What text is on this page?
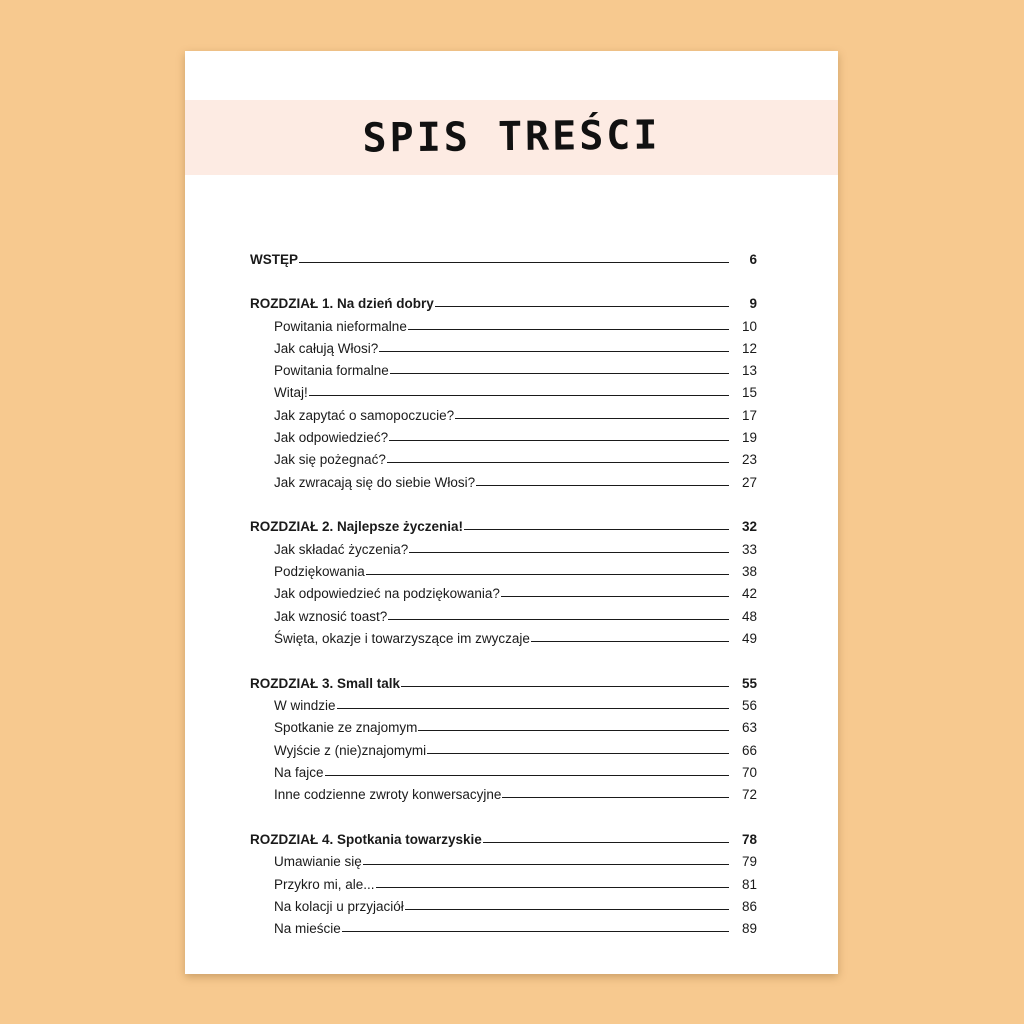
SPIS TREŚCI
WSTĘP	6
ROZDZIAŁ 1. Na dzień dobry	9
Powitania nieformalne	10
Jak całują Włosi?	12
Powitania formalne	13
Witaj!	15
Jak zapytać o samopoczucie?	17
Jak odpowiedzieć?	19
Jak się pożegnać?	23
Jak zwracają się do siebie Włosi?	27
ROZDZIAŁ 2. Najlepsze życzenia!	32
Jak składać życzenia?	33
Podziękowania	38
Jak odpowiedzieć na podziękowania?	42
Jak wznosić toast?	48
Święta, okazje i towarzyszące im zwyczaje	49
ROZDZIAŁ 3. Small talk	55
W windzie	56
Spotkanie ze znajomym	63
Wyjście z (nie)znajomymi	66
Na fajce	70
Inne codzienne zwroty konwersacyjne	72
ROZDZIAŁ 4. Spotkania towarzyskie	78
Umawianie się	79
Przykro mi, ale...	81
Na kolacji u przyjaciół	86
Na mieście	89
